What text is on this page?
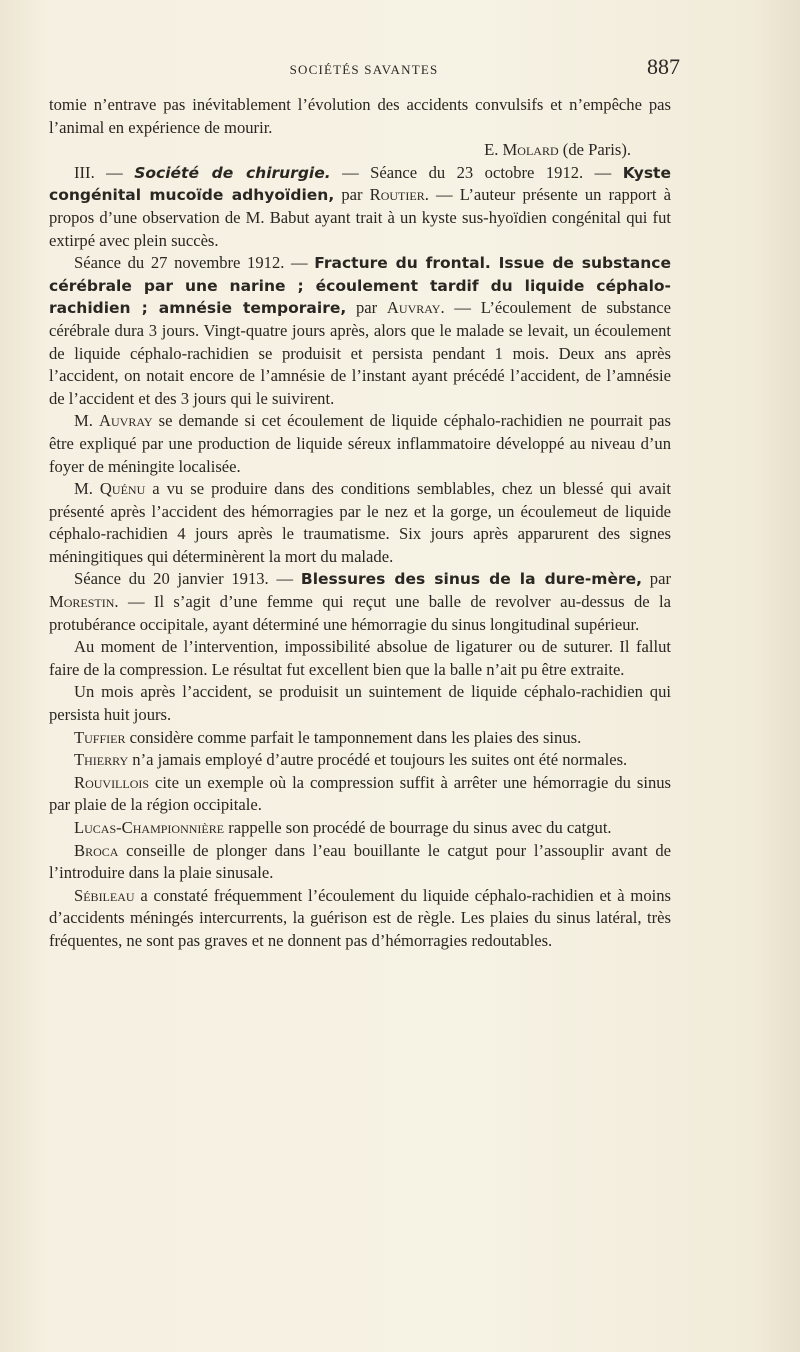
SOCIÉTÉS SAVANTES	887

tomie n’entrave pas inévitablement l’évolution des accidents convulsifs et n’empêche pas l’animal en expérience de mourir.

E. Molard (de Paris).

III. — Société de chirurgie. — Séance du 23 octobre 1912. — Kyste congénital mucoïde adhyoïdien, par Routier. — L’auteur présente un rapport à propos d’une observation de M. Babut ayant trait à un kyste sus-hyoïdien congénital qui fut extirpé avec plein succès.

Séance du 27 novembre 1912. — Fracture du frontal. Issue de substance cérébrale par une narine ; écoulement tardif du liquide céphalo-rachidien ; amnésie temporaire, par Auvray. — L’écoulement de substance cérébrale dura 3 jours. Vingt-quatre jours après, alors que le malade se levait, un écoulement de liquide céphalo-rachidien se produisit et persista pendant 1 mois. Deux ans après l’accident, on notait encore de l’amnésie de l’instant ayant précédé l’accident, de l’amnésie de l’accident et des 3 jours qui le suivirent.

M. Auvray se demande si cet écoulement de liquide céphalo-rachidien ne pourrait pas être expliqué par une production de liquide séreux inflammatoire développé au niveau d’un foyer de méningite localisée.

M. Quénu a vu se produire dans des conditions semblables, chez un blessé qui avait présenté après l’accident des hémorragies par le nez et la gorge, un écoulemeut de liquide céphalo-rachidien 4 jours après le traumatisme. Six jours après apparurent des signes méningitiques qui déterminèrent la mort du malade.

Séance du 20 janvier 1913. — Blessures des sinus de la dure-mère, par Morestin. — Il s’agit d’une femme qui reçut une balle de revolver au-dessus de la protubérance occipitale, ayant déterminé une hémorragie du sinus longitudinal supérieur.

Au moment de l’intervention, impossibilité absolue de ligaturer ou de suturer. Il fallut faire de la compression. Le résultat fut excellent bien que la balle n’ait pu être extraite.

Un mois après l’accident, se produisit un suintement de liquide céphalo-rachidien qui persista huit jours.

Tuffier considère comme parfait le tamponnement dans les plaies des sinus.

Thierry n’a jamais employé d’autre procédé et toujours les suites ont été normales.

Rouvillois cite un exemple où la compression suffit à arrêter une hémorragie du sinus par plaie de la région occipitale.

Lucas-Championnière rappelle son procédé de bourrage du sinus avec du catgut.

Broca conseille de plonger dans l’eau bouillante le catgut pour l’assouplir avant de l’introduire dans la plaie sinusale.

Sébileau a constaté fréquemment l’écoulement du liquide céphalo-rachidien et à moins d’accidents méningés intercurrents, la guérison est de règle. Les plaies du sinus latéral, très fréquentes, ne sont pas graves et ne donnent pas d’hémorragies redoutables.
